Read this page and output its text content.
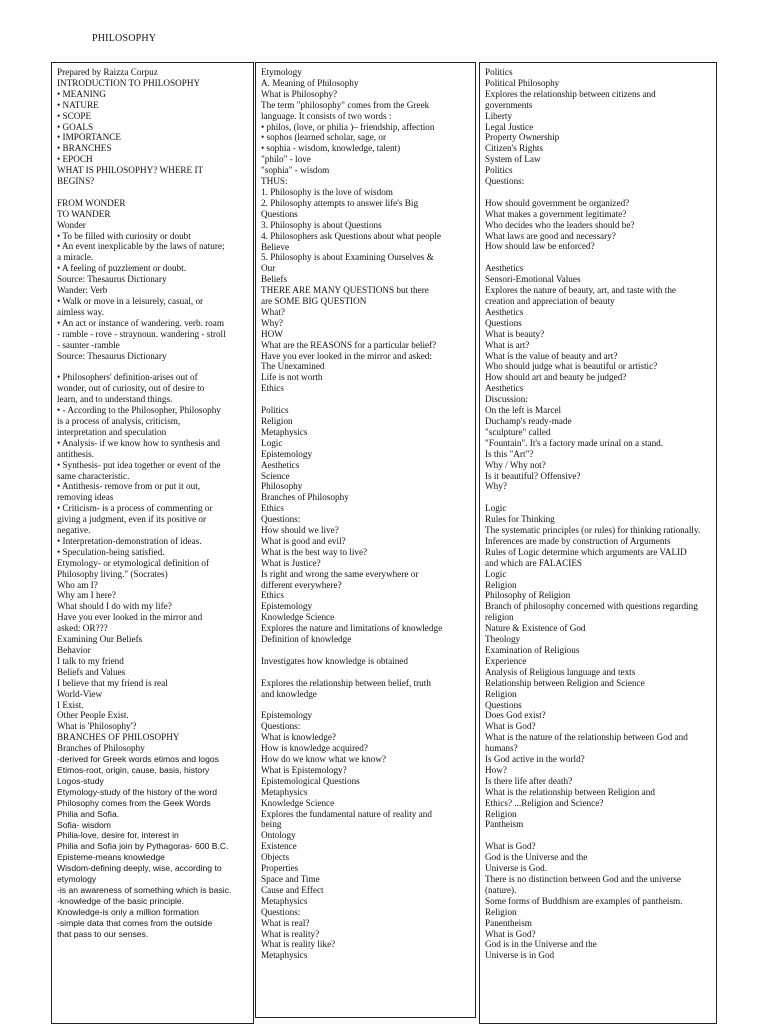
PHILOSOPHY
Prepared by Raizza Corpuz
INTRODUCTION TO PHILOSOPHY
• MEANING
• NATURE
• SCOPE
• GOALS
• IMPORTANCE
• BRANCHES
• EPOCH
WHAT IS PHILOSOPHY? WHERE IT
BEGINS?
FROM WONDER
TO WANDER
Wonder
• To be filled with curiosity or doubt
• An event inexplicable by the laws of nature;
a miracle.
• A feeling of puzzlement or doubt.
Source: Thesaurus Dictionary
Wander: Verb
• Walk or move in a leisurely, casual, or
aimless way.
• An act or instance of wandering. verb. roam
- ramble - rove - straynoun. wandering - stroll
- saunter -ramble
Source: Thesaurus Dictionary
• Philosophers' definition-arises out of
wonder, out of curiosity, out of desire to
learn, and to understand things.
• - According to the Philosopher, Philosophy
is a process of analysis, criticism,
interpretation and speculation
• Analysis- if we know how to synthesis and
antithesis.
• Synthesis- put idea together or event of the
same characteristic.
• Antithesis- remove from or put it out,
removing ideas
• Criticism- is a process of commenting or
giving a judgment, even if its positive or
negative.
• Interpretation-demonstration of ideas.
• Speculation-being satisfied.
Etymology- or etymological definition of
Philosophy living." (Socrates)
Who am I?
Why am I here?
What should I do with my life?
Have you ever looked in the mirror and
asked: OR???
Examining Our Beliefs
Behavior
I talk to my friend
Beliefs and Values
I believe that my friend is real
World-View
I Exist.
Other People Exist.
What is 'Philosophy'?
BRANCHES OF PHILOSOPHY
Branches of Philosophy
-derived for Greek words etimos and logos
Etimos-root, origin, cause, basis, history
Logos-study
Etymology-study of the history of the word
Philosophy comes from the Geek Words
Philia and Sofia.
Sofia- wisdom
Philia-love, desire for, interest in
Philia and Sofia join by Pythagoras- 600 B.C.
Episteme-means knowledge
Wisdom-defining deeply, wise, according to
etymology
-is an awareness of something which is basic.
-knowledge of the basic principle.
Knowledge-is only a million formation
-simple data that comes from the outside
that pass to our senses.
Etymology
A. Meaning of Philosophy
What is Philosophy?
The term "philosophy" comes from the Greek
language. It consists of two words :
• philos, (love, or philia )– friendship, affection
• sophos (learned scholar, sage, or
• sophia - wisdom, knowledge, talent)
"philo" - love
"sophia" - wisdom
THUS:
1. Philosophy is the love of wisdom
2. Philosophy attempts to answer life's Big
Questions
3. Philosophy is about Questions
4. Philosophers ask Questions about what people
Believe
5. Philosophy is about Examining Ourselves &
Our
Beliefs
THERE ARE MANY QUESTIONS but there
are SOME BIG QUESTION
What?
Why?
HOW
What are the REASONS for a particular belief?
Have you ever looked in the mirror and asked:
The Unexamined
Life is not worth
Ethics
Politics
Religion
Metaphysics
Logic
Epistemology
Aesthetics
Science
Philosophy
Branches of Philosophy
Ethics
Questions:
How should we live?
What is good and evil?
What is the best way to live?
What is Justice?
Is right and wrong the same everywhere or
different everywhere?
Ethics
Epistemology
Knowledge Science
Explores the nature and limitations of knowledge
Definition of knowledge
Investigates how knowledge is obtained
Explores the relationship between belief, truth
and knowledge
Epistemology
Questions:
What is knowledge?
How is knowledge acquired?
How do we know what we know?
What is Epistemology?
Epistemological Questions
Metaphysics
Knowledge Science
Explores the fundamental nature of reality and
being
Ontology
Existence
Objects
Properties
Space and Time
Cause and Effect
Metaphysics
Questions:
What is real?
What is reality?
What is reality like?
Metaphysics
Politics
Political Philosophy
Explores the relationship between citizens and
governments
Liberty
Legal Justice
Property Ownership
Citizen's Rights
System of Law
Politics
Questions:
How should government be organized?
What makes a government legitimate?
Who decides who the leaders should be?
What laws are good and necessary?
How should law be enforced?
Aesthetics
Sensori-Emotional Values
Explores the nature of beauty, art, and taste with the
creation and appreciation of beauty
Aesthetics
Questions
What is beauty?
What is art?
What is the value of beauty and art?
Who should judge what is beautiful or artistic?
How should art and beauty be judged?
Aesthetics
Discussion:
On the left is Marcel
Duchamp's ready-made
"sculpture" called
"Fountain". It's a factory made urinal on a stand.
Is this "Art"?
Why / Why not?
Is it beautiful? Offensive?
Why?
Logic
Rules for Thinking
The systematic principles (or rules) for thinking rationally.
Inferences are made by construction of Arguments
Rules of Logic determine which arguments are VALID
and which are FALACIES
Logic
Religion
Philosophy of Religion
Branch of philosophy concerned with questions regarding
religion
Nature & Existence of God
Theology
Examination of Religious
Experience
Analysis of Religious language and texts
Relationship between Religion and Science
Religion
Questions
Does God exist?
What is God?
What is the nature of the relationship between God and
humans?
Is God active in the world?
How?
Is there life after death?
What is the relationship between Religion and
Ethics? ...Religion and Science?
Religion
Pantheism
What is God?
God is the Universe and the
Universe is God.
There is no distinction between God and the universe
(nature).
Some forms of Buddhism are examples of pantheism.
Religion
Panentheism
What is God?
God is in the Universe and the
Universe is in God
